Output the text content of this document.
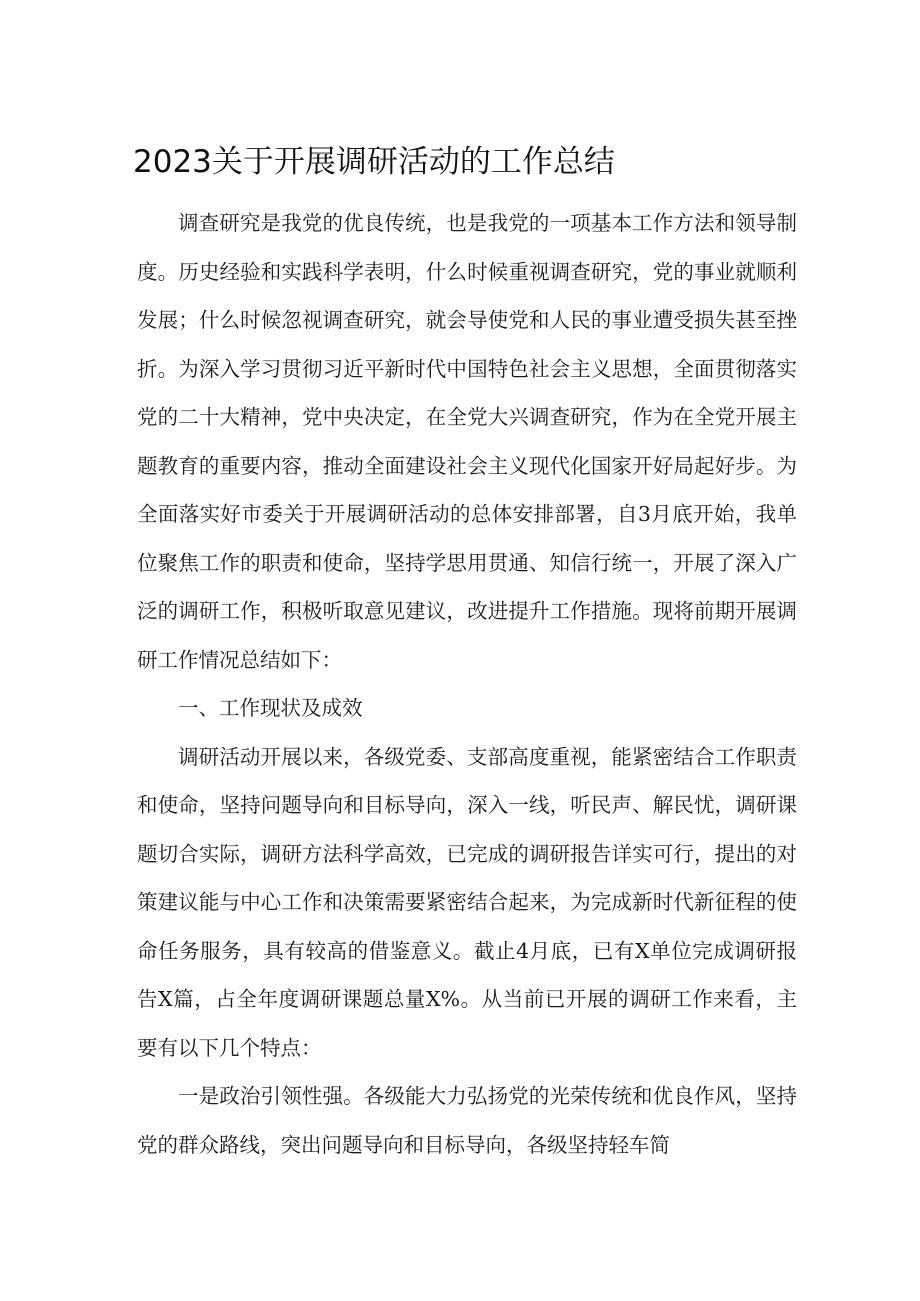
2023关于开展调研活动的工作总结

调查研究是我党的优良传统，也是我党的一项基本工作方法和领导制度。历史经验和实践科学表明，什么时候重视调查研究，党的事业就顺利发展；什么时候忽视调查研究，就会导使党和人民的事业遭受损失甚至挫折。为深入学习贯彻习近平新时代中国特色社会主义思想，全面贯彻落实党的二十大精神，党中央决定，在全党大兴调查研究，作为在全党开展主题教育的重要内容，推动全面建设社会主义现代化国家开好局起好步。为全面落实好市委关于开展调研活动的总体安排部署，自3月底开始，我单位聚焦工作的职责和使命，坚持学思用贯通、知信行统一，开展了深入广泛的调研工作，积极听取意见建议，改进提升工作措施。现将前期开展调研工作情况总结如下：

一、工作现状及成效

调研活动开展以来，各级党委、支部高度重视，能紧密结合工作职责和使命，坚持问题导向和目标导向，深入一线，听民声、解民忧，调研课题切合实际，调研方法科学高效，已完成的调研报告详实可行，提出的对策建议能与中心工作和决策需要紧密结合起来，为完成新时代新征程的使命任务服务，具有较高的借鉴意义。截止4月底，已有X单位完成调研报告X篇，占全年度调研课题总量X%。从当前已开展的调研工作来看，主要有以下几个特点：

一是政治引领性强。各级能大力弘扬党的光荣传统和优良作风，坚持党的群众路线，突出问题导向和目标导向，各级坚持轻车简
